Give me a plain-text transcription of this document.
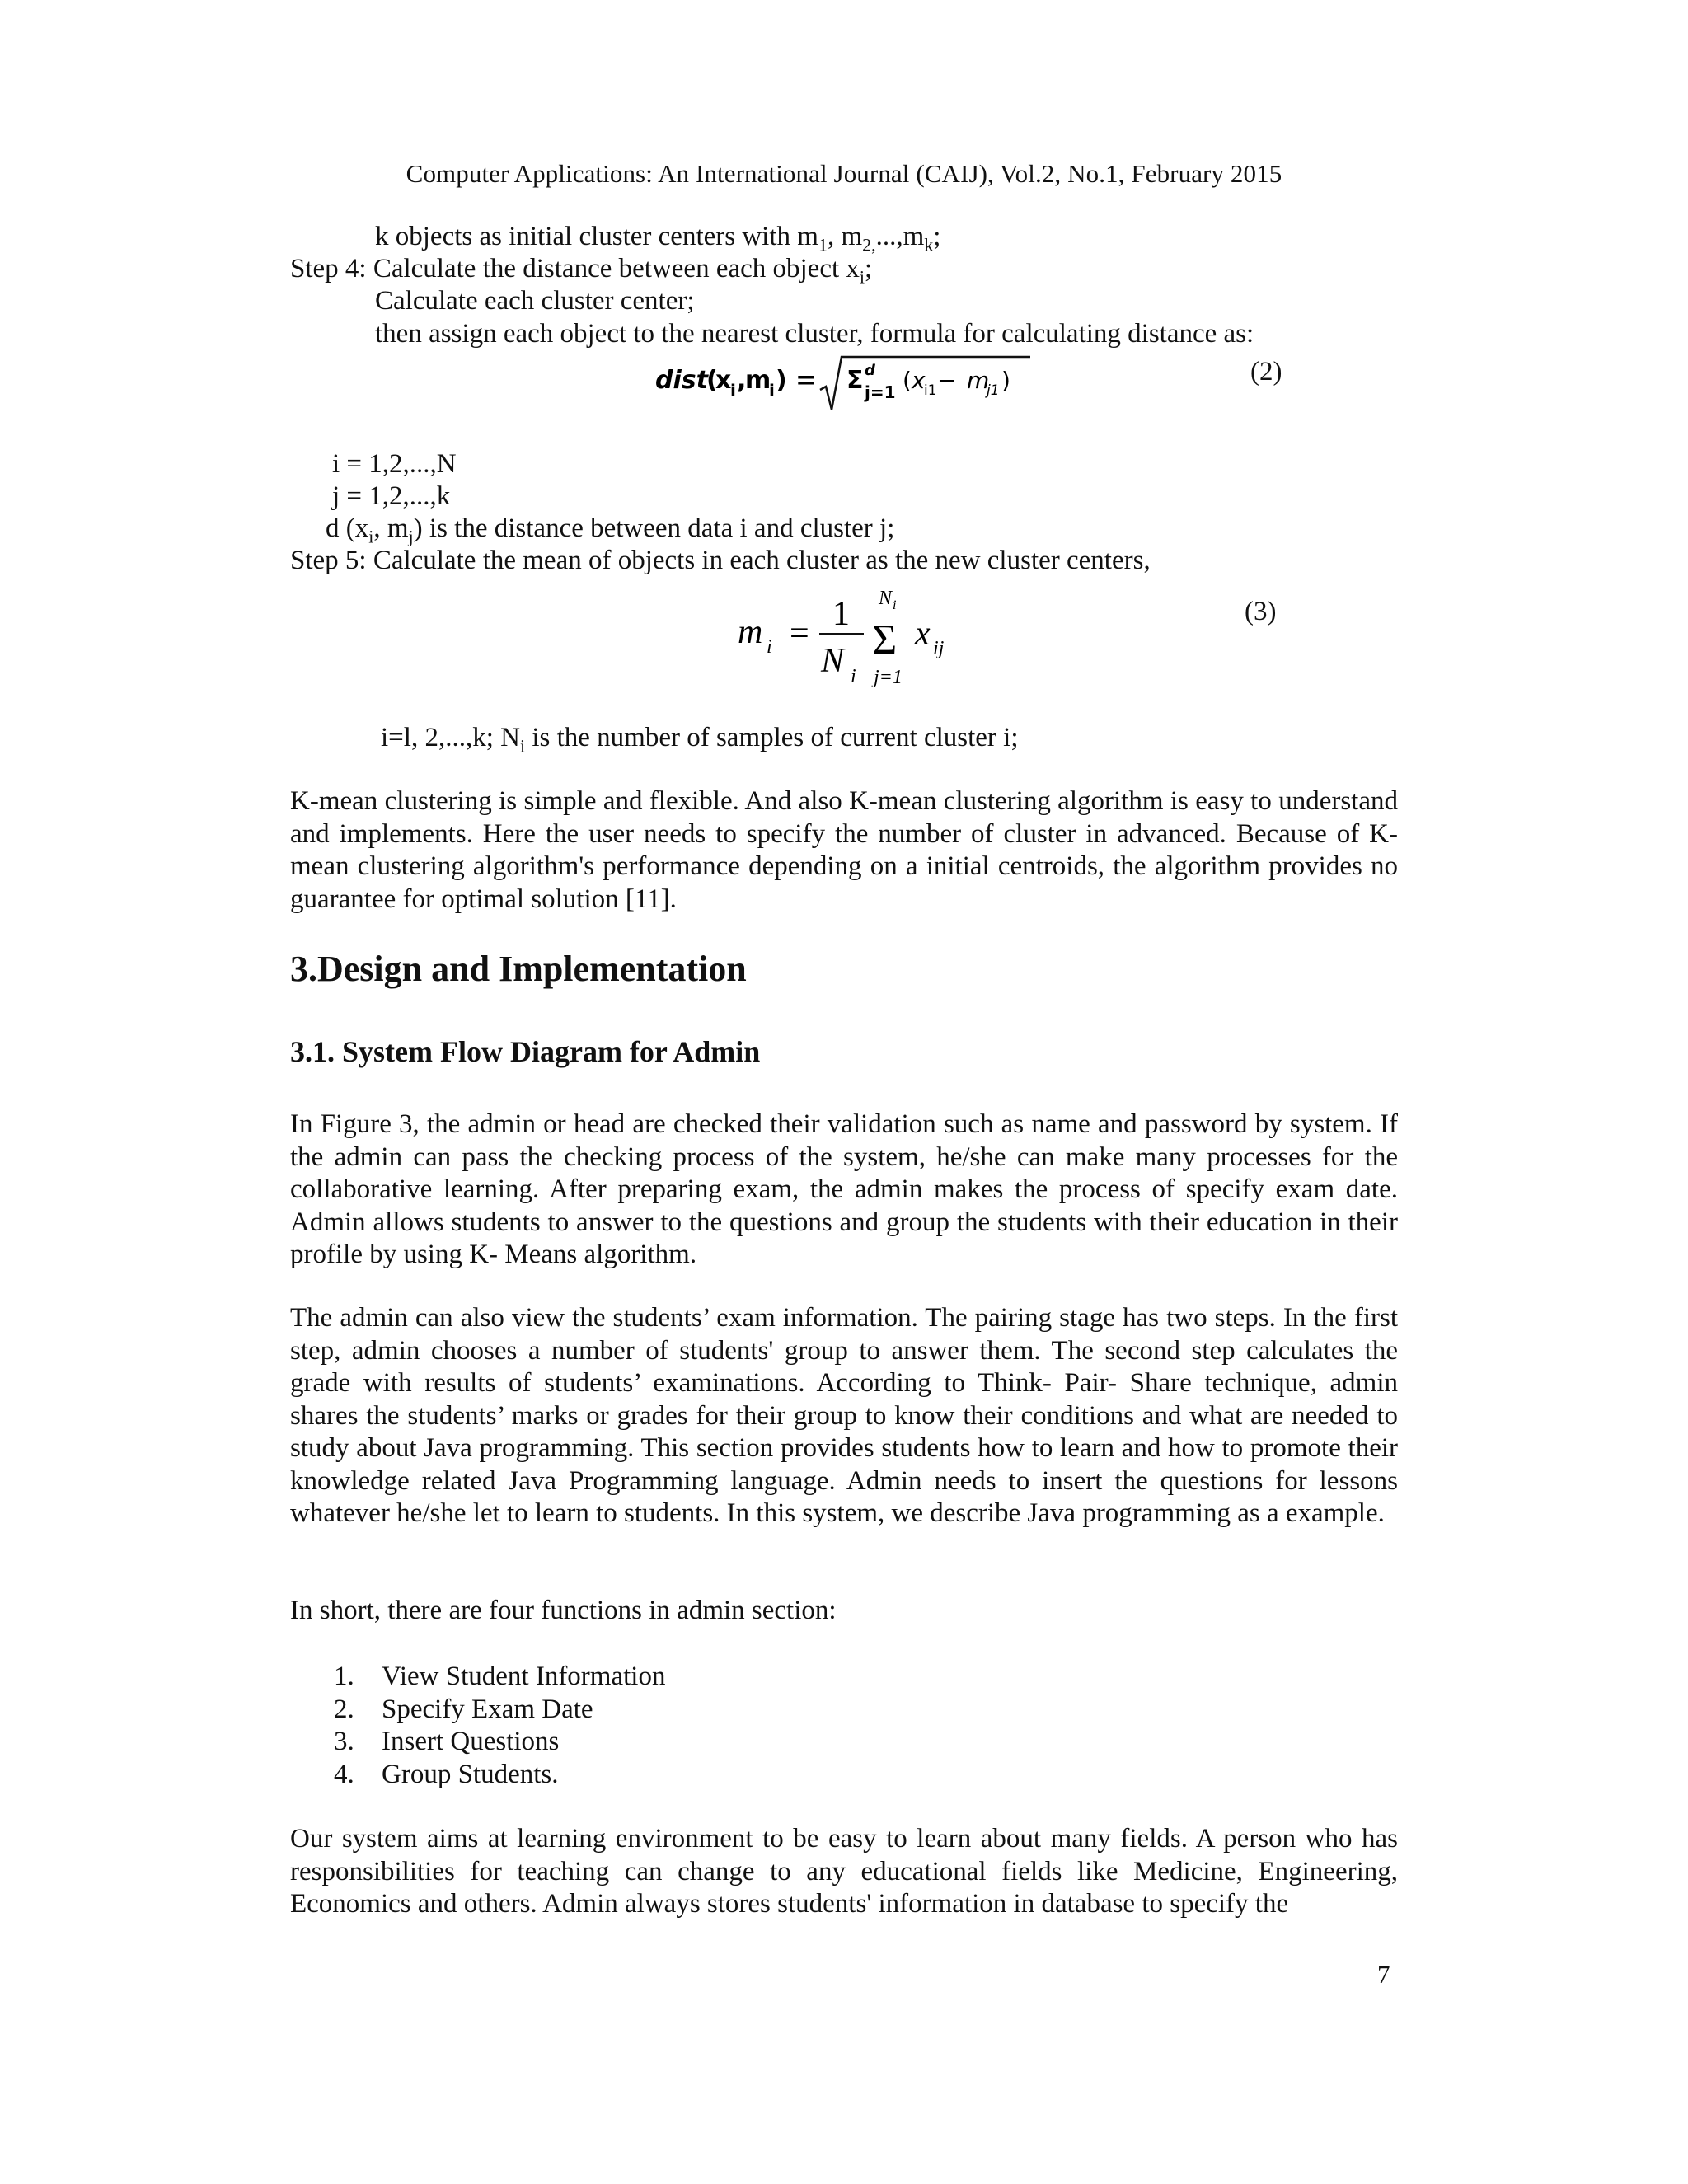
Computer Applications: An International Journal (CAIJ), Vol.2, No.1, February 2015
k objects as initial cluster centers with $m_1$, $m_{2,}...,m_k$;
Step 4: Calculate the distance between each object $x_i$;
Calculate each cluster center;
then assign each object to the nearest cluster, formula for calculating distance as:
dist
(
x
i ,
m
i ) = Σ d
j=1 ( x
i1 − m
j1 )	(2)
i = 1,2,...,N
j = 1,2,...,k
d ($x_i$, $m_j$) is the distance between data i and cluster j;
Step 5: Calculate the mean of objects in each cluster as the new cluster centers,
m i =
1
N i
Σ
N i
j=1
x ij
(3)
i=l, 2,...,k; $N_i$ is the number of samples of current cluster i;

K-mean clustering is simple and flexible. And also K-mean clustering algorithm is easy to understand and implements. Here the user needs to specify the number of cluster in advanced. Because of K-mean clustering algorithm's performance depending on a initial centroids, the algorithm provides no guarantee for optimal solution [11].

3.Design and Implementation
3.1. System Flow Diagram for Admin

In Figure 3, the admin or head are checked their validation such as name and password by system. If the admin can pass the checking process of the system, he/she can make many processes for the collaborative learning. After preparing exam, the admin makes the process of specify exam date. Admin allows students to answer to the questions and group the students with their education in their profile by using K- Means algorithm.

The admin can also view the students’ exam information. The pairing stage has two steps. In the first step, admin chooses a number of students' group to answer them. The second step calculates the grade with results of students’ examinations. According to Think- Pair- Share technique, admin shares the students’ marks or grades for their group to know their conditions and what are needed to study about Java programming. This section provides students how to learn and how to promote their knowledge related Java Programming language. Admin needs to insert the questions for lessons whatever he/she let to learn to students. In this system, we describe Java programming as a example.

In short, there are four functions in admin section:

1.	View Student Information
2.	Specify Exam Date
3.	Insert Questions
4.	Group Students.

Our system aims at learning environment to be easy to learn about many fields. A person who has responsibilities for teaching can change to any educational fields like Medicine, Engineering, Economics and others. Admin always stores students' information in database to specify the

7
